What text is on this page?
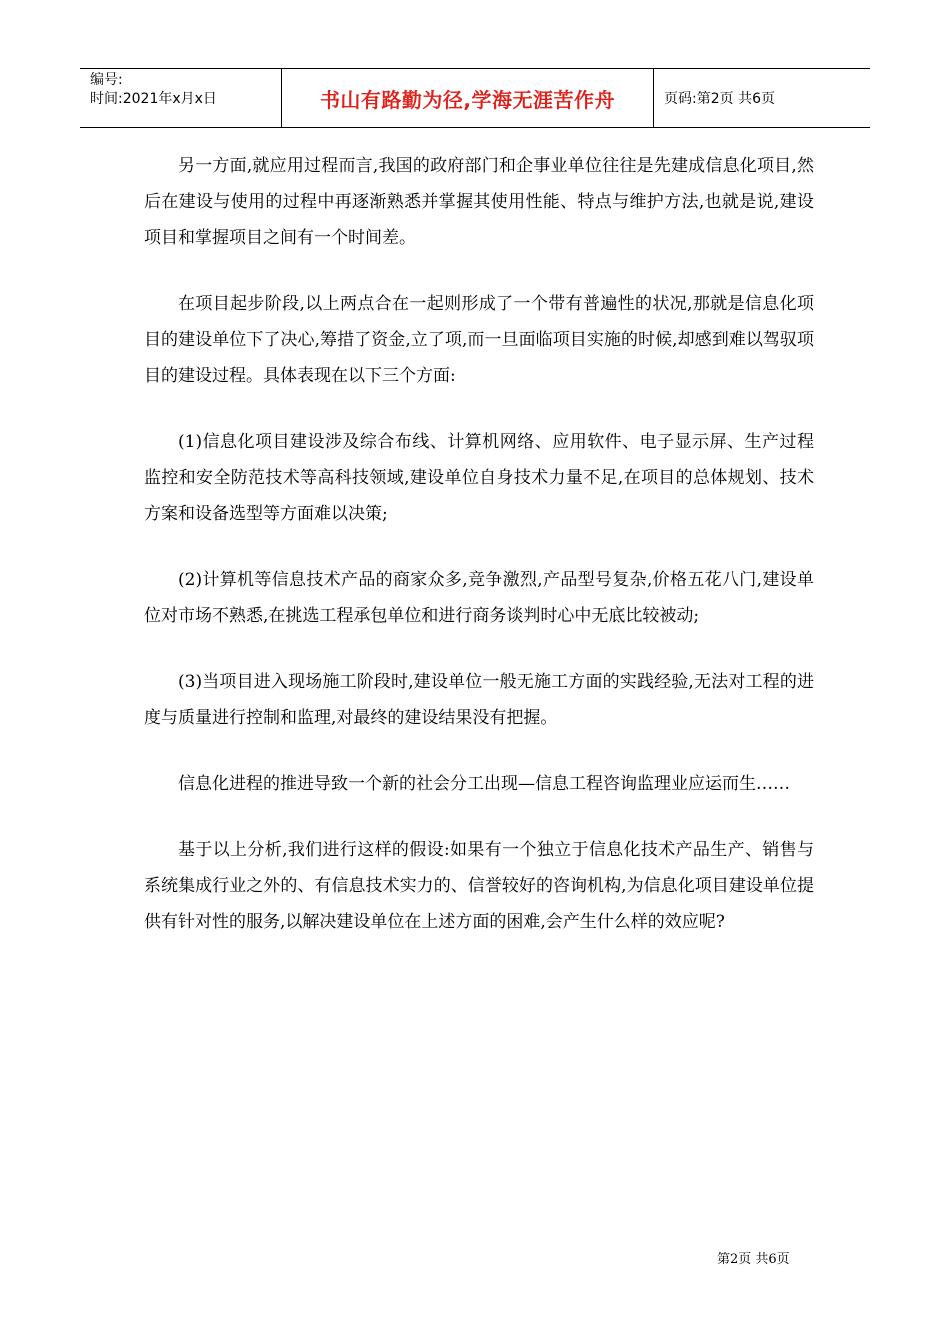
编号:
时间:2021年x月x日	书山有路勤为径,学海无涯苦作舟	页码:第2页 共6页

另一方面,就应用过程而言,我国的政府部门和企事业单位往往是先建成信息化项目,然后在建设与使用的过程中再逐渐熟悉并掌握其使用性能、特点与维护方法,也就是说,建设项目和掌握项目之间有一个时间差。

在项目起步阶段,以上两点合在一起则形成了一个带有普遍性的状况,那就是信息化项目的建设单位下了决心,筹措了资金,立了项,而一旦面临项目实施的时候,却感到难以驾驭项目的建设过程。具体表现在以下三个方面:

(1)信息化项目建设涉及综合布线、计算机网络、应用软件、电子显示屏、生产过程监控和安全防范技术等高科技领域,建设单位自身技术力量不足,在项目的总体规划、技术方案和设备选型等方面难以决策;

(2)计算机等信息技术产品的商家众多,竞争激烈,产品型号复杂,价格五花八门,建设单位对市场不熟悉,在挑选工程承包单位和进行商务谈判时心中无底比较被动;

(3)当项目进入现场施工阶段时,建设单位一般无施工方面的实践经验,无法对工程的进度与质量进行控制和监理,对最终的建设结果没有把握。

信息化进程的推进导致一个新的社会分工出现—信息工程咨询监理业应运而生……

基于以上分析,我们进行这样的假设:如果有一个独立于信息化技术产品生产、销售与系统集成行业之外的、有信息技术实力的、信誉较好的咨询机构,为信息化项目建设单位提供有针对性的服务,以解决建设单位在上述方面的困难,会产生什么样的效应呢?

第2页 共6页
